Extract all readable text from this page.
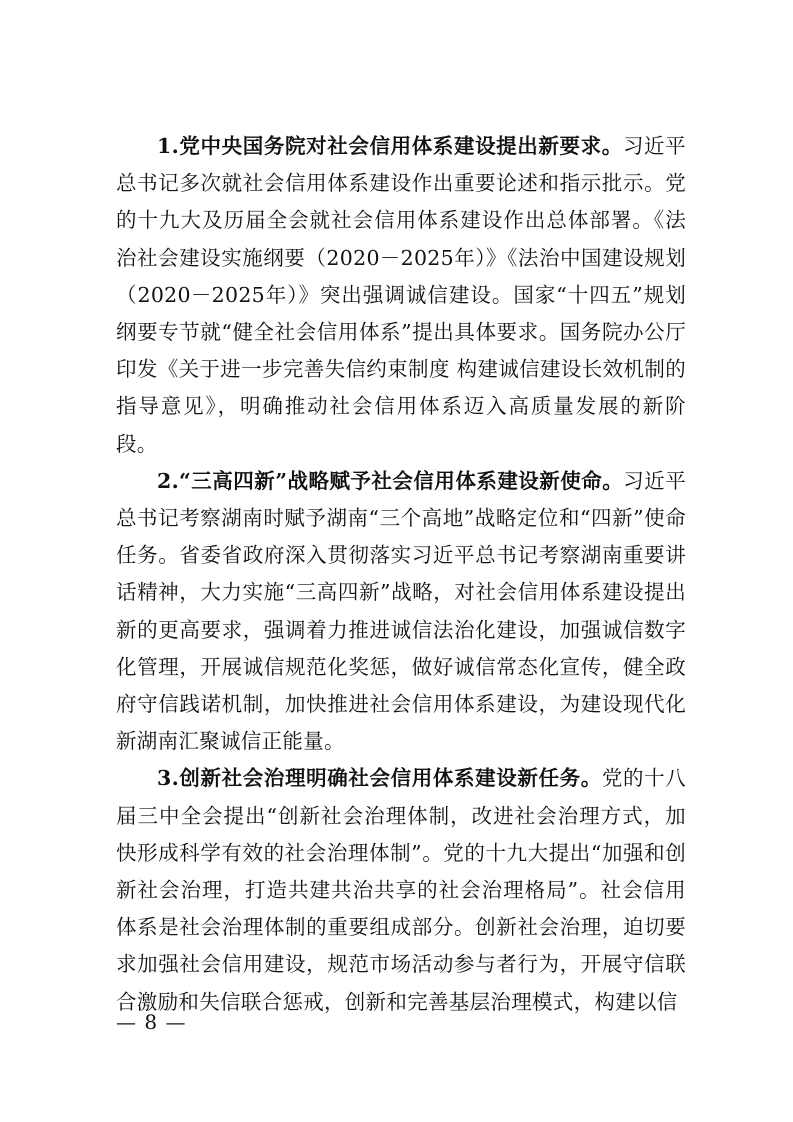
1.党中央国务院对社会信用体系建设提出新要求。习近平总书记多次就社会信用体系建设作出重要论述和指示批示。党的十九大及历届全会就社会信用体系建设作出总体部署。《法治社会建设实施纲要（2020－2025年）》《法治中国建设规划（2020－2025年）》突出强调诚信建设。国家“十四五”规划纲要专节就“健全社会信用体系”提出具体要求。国务院办公厅印发《关于进一步完善失信约束制度 构建诚信建设长效机制的指导意见》，明确推动社会信用体系迈入高质量发展的新阶段。

2.“三高四新”战略赋予社会信用体系建设新使命。习近平总书记考察湖南时赋予湖南“三个高地”战略定位和“四新”使命任务。省委省政府深入贯彻落实习近平总书记考察湖南重要讲话精神，大力实施“三高四新”战略，对社会信用体系建设提出新的更高要求，强调着力推进诚信法治化建设，加强诚信数字化管理，开展诚信规范化奖惩，做好诚信常态化宣传，健全政府守信践诺机制，加快推进社会信用体系建设，为建设现代化新湖南汇聚诚信正能量。

3.创新社会治理明确社会信用体系建设新任务。党的十八届三中全会提出“创新社会治理体制，改进社会治理方式，加快形成科学有效的社会治理体制”。党的十九大提出“加强和创新社会治理，打造共建共治共享的社会治理格局”。社会信用体系是社会治理体制的重要组成部分。创新社会治理，迫切要求加强社会信用建设，规范市场活动参与者行为，开展守信联合激励和失信联合惩戒，创新和完善基层治理模式，构建以信

— 8 —
